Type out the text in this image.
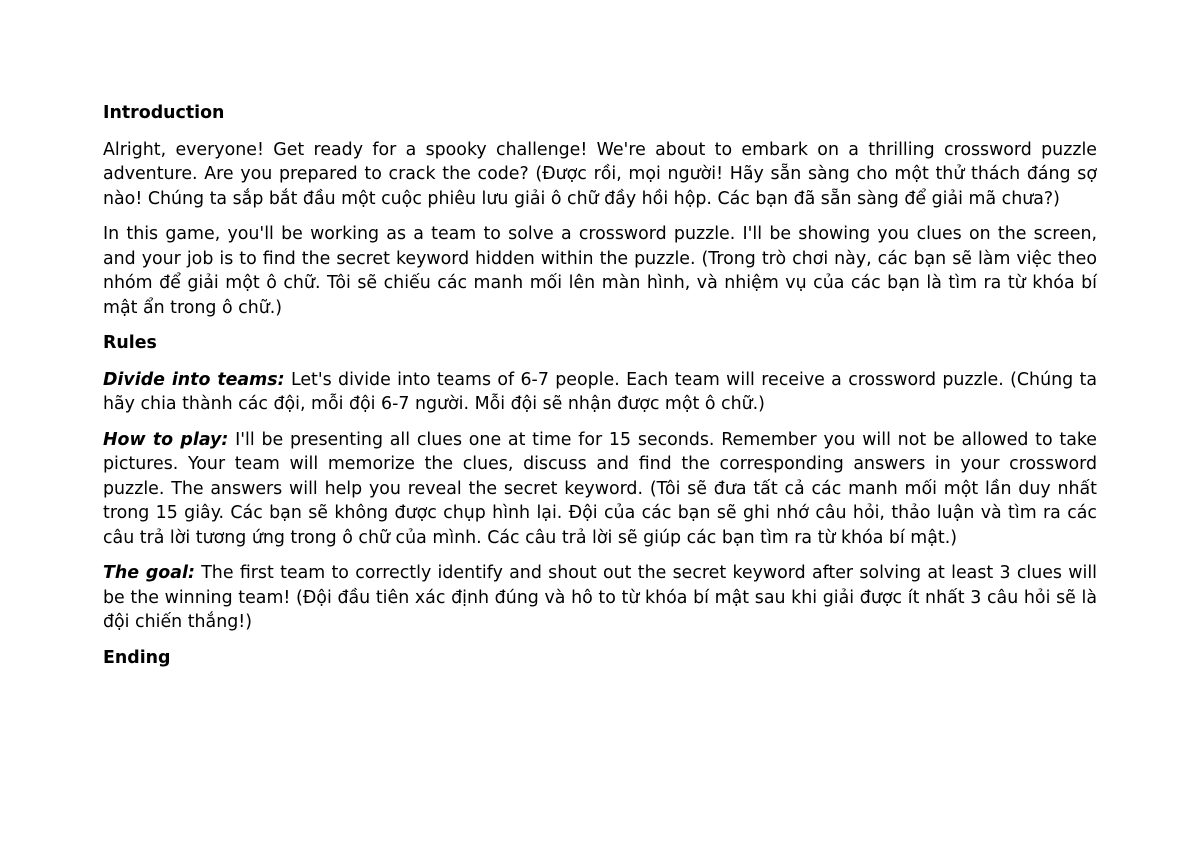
Introduction

Alright, everyone! Get ready for a spooky challenge! We're about to embark on a thrilling crossword puzzle adventure. Are you prepared to crack the code? (Được rồi, mọi người! Hãy sẵn sàng cho một thử thách đáng sợ nào! Chúng ta sắp bắt đầu một cuộc phiêu lưu giải ô chữ đầy hồi hộp. Các bạn đã sẵn sàng để giải mã chưa?)

In this game, you'll be working as a team to solve a crossword puzzle. I'll be showing you clues on the screen, and your job is to find the secret keyword hidden within the puzzle. (Trong trò chơi này, các bạn sẽ làm việc theo nhóm để giải một ô chữ. Tôi sẽ chiếu các manh mối lên màn hình, và nhiệm vụ của các bạn là tìm ra từ khóa bí mật ẩn trong ô chữ.)

Rules

Divide into teams: Let's divide into teams of 6-7 people. Each team will receive a crossword puzzle. (Chúng ta hãy chia thành các đội, mỗi đội 6-7 người. Mỗi đội sẽ nhận được một ô chữ.)

How to play: I'll be presenting all clues one at time for 15 seconds. Remember you will not be allowed to take pictures. Your team will memorize the clues, discuss and find the corresponding answers in your crossword puzzle. The answers will help you reveal the secret keyword. (Tôi sẽ đưa tất cả các manh mối một lần duy nhất trong 15 giây. Các bạn sẽ không được chụp hình lại. Đội của các bạn sẽ ghi nhớ câu hỏi, thảo luận và tìm ra các câu trả lời tương ứng trong ô chữ của mình. Các câu trả lời sẽ giúp các bạn tìm ra từ khóa bí mật.)

The goal: The first team to correctly identify and shout out the secret keyword after solving at least 3 clues will be the winning team! (Đội đầu tiên xác định đúng và hô to từ khóa bí mật sau khi giải được ít nhất 3 câu hỏi sẽ là đội chiến thắng!)

Ending
